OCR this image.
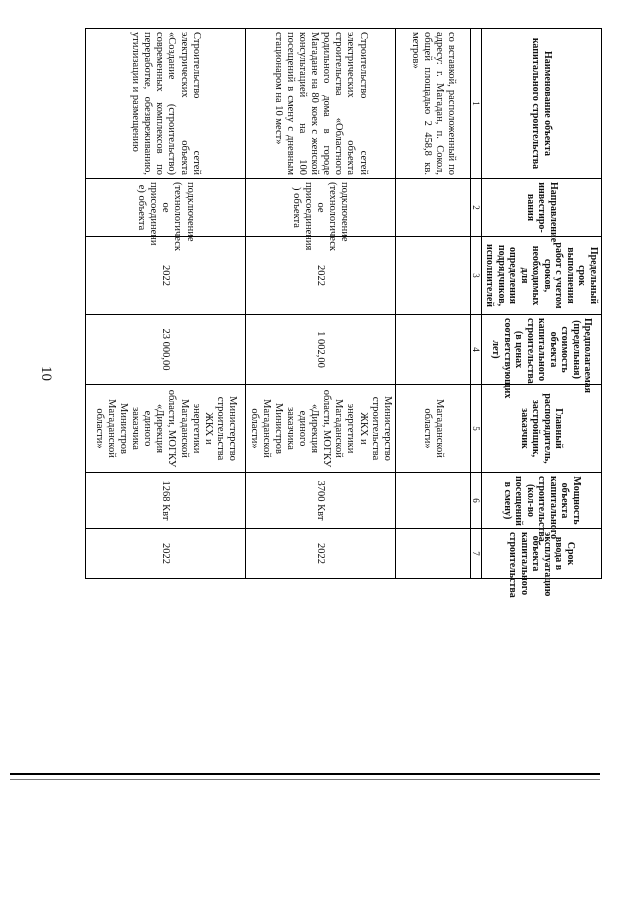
10
Наименование объекта капитального строительства	Направление инвестиро-вания	Предельный срок выполнения работ с учетом сроков, необходимых для определения подрядчиков, исполнителей	Предполагаемая (предельная) стоимость объекта капитального строительства (в ценах соответствующих лет)	Главный распорядитель, застройщик, заказчик	Мощность объекта капитального строительства (кол-во посещений в смену)	Срок ввода в эксплуатацию объекта капитального строительства
1	2	3	4	5	6	7
со вставкой, расположенный по адресу: г. Магадан, п. Сокол, общей площадью 2 458,8 кв. метров»				Магаданской области»		
Строительство сетей электрических объекта строительства «Областного родильного дома в городе Магадане на 80 коек с женской консультацией на 100 посещений в смену с дневным стационаром на 10 мест»	подключение (технологическ ое присоединения ) объекта	2022	1 002,00	Министерство строительства ЖКХ и энергетики Магаданской области, МОГКУ «Дирекция единого заказчика Министров Магаданской области»	3700 Квт	2022
Строительство сетей электрических объекта «Создание (строительство) современных комплексов по переработке, обезвреживанию, утилизации и размещению	подключение (технологическ ое присоединени е) объекта	2022	23 000,00	Министерство строительства ЖКХ и энергетики Магаданской области, МОГКУ «Дирекция единого заказчика Министров Магаданской области»	1268 Квт	2022
